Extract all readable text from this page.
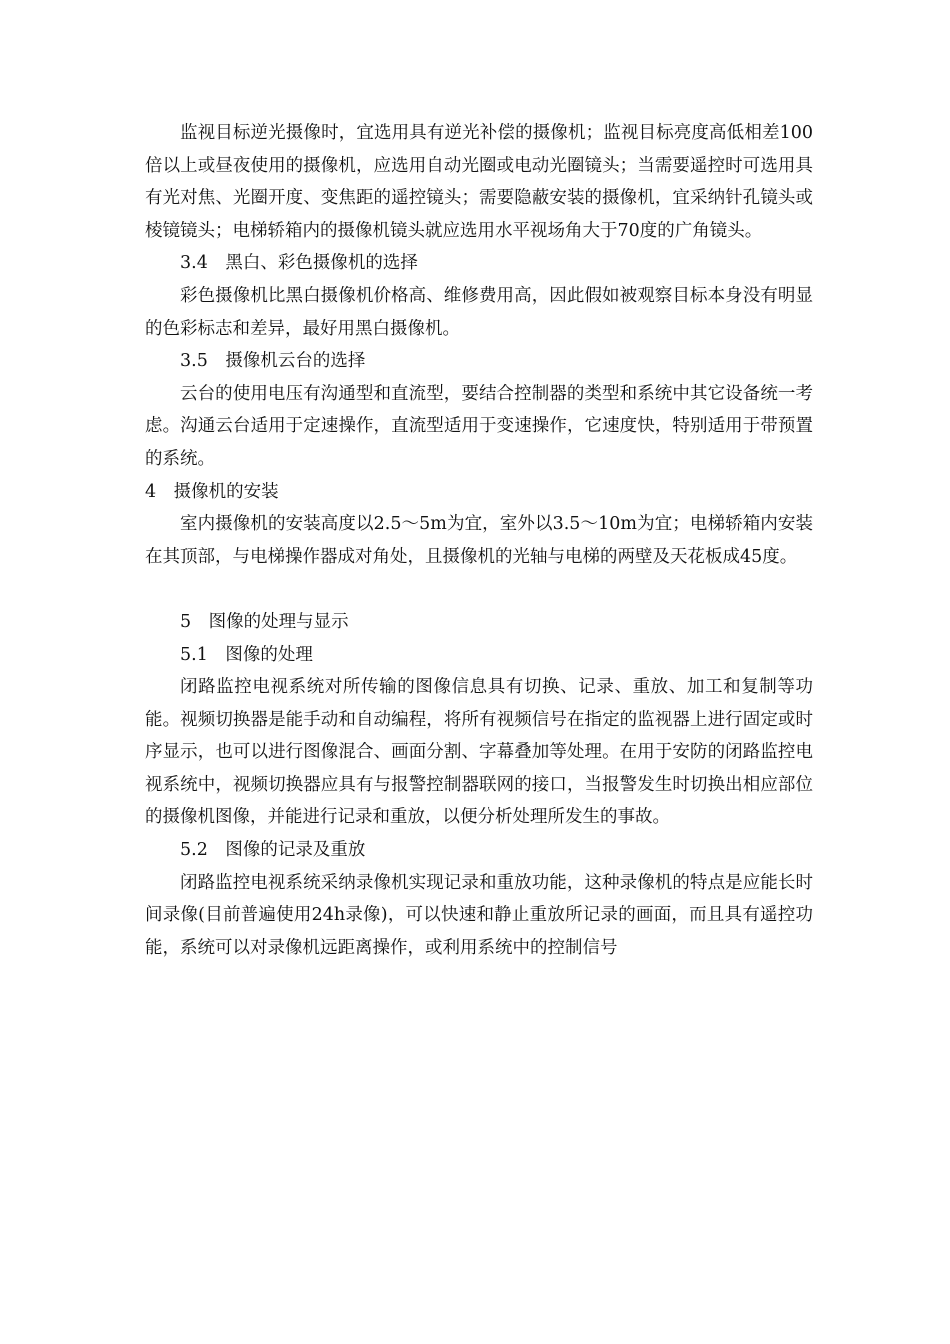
监视目标逆光摄像时，宜选用具有逆光补偿的摄像机；监视目标亮度高低相差100倍以上或昼夜使用的摄像机，应选用自动光圈或电动光圈镜头；当需要遥控时可选用具有光对焦、光圈开度、变焦距的遥控镜头；需要隐蔽安装的摄像机，宜采纳针孔镜头或棱镜镜头；电梯轿箱内的摄像机镜头就应选用水平视场角大于70度的广角镜头。

3.4　黑白、彩色摄像机的选择

彩色摄像机比黑白摄像机价格高、维修费用高，因此假如被观察目标本身没有明显的色彩标志和差异，最好用黑白摄像机。

3.5　摄像机云台的选择

云台的使用电压有沟通型和直流型，要结合控制器的类型和系统中其它设备统一考虑。沟通云台适用于定速操作，直流型适用于变速操作，它速度快，特别适用于带预置的系统。

4　摄像机的安装

室内摄像机的安装高度以2.5～5m为宜，室外以3.5～10m为宜；电梯轿箱内安装在其顶部，与电梯操作器成对角处，且摄像机的光轴与电梯的两壁及天花板成45度。

5　图像的处理与显示

5.1　图像的处理

闭路监控电视系统对所传输的图像信息具有切换、记录、重放、加工和复制等功能。视频切换器是能手动和自动编程，将所有视频信号在指定的监视器上进行固定或时序显示，也可以进行图像混合、画面分割、字幕叠加等处理。在用于安防的闭路监控电视系统中，视频切换器应具有与报警控制器联网的接口，当报警发生时切换出相应部位的摄像机图像，并能进行记录和重放，以便分析处理所发生的事故。

5.2　图像的记录及重放

闭路监控电视系统采纳录像机实现记录和重放功能，这种录像机的特点是应能长时间录像(目前普遍使用24h录像)，可以快速和静止重放所记录的画面，而且具有遥控功能，系统可以对录像机远距离操作，或利用系统中的控制信号
